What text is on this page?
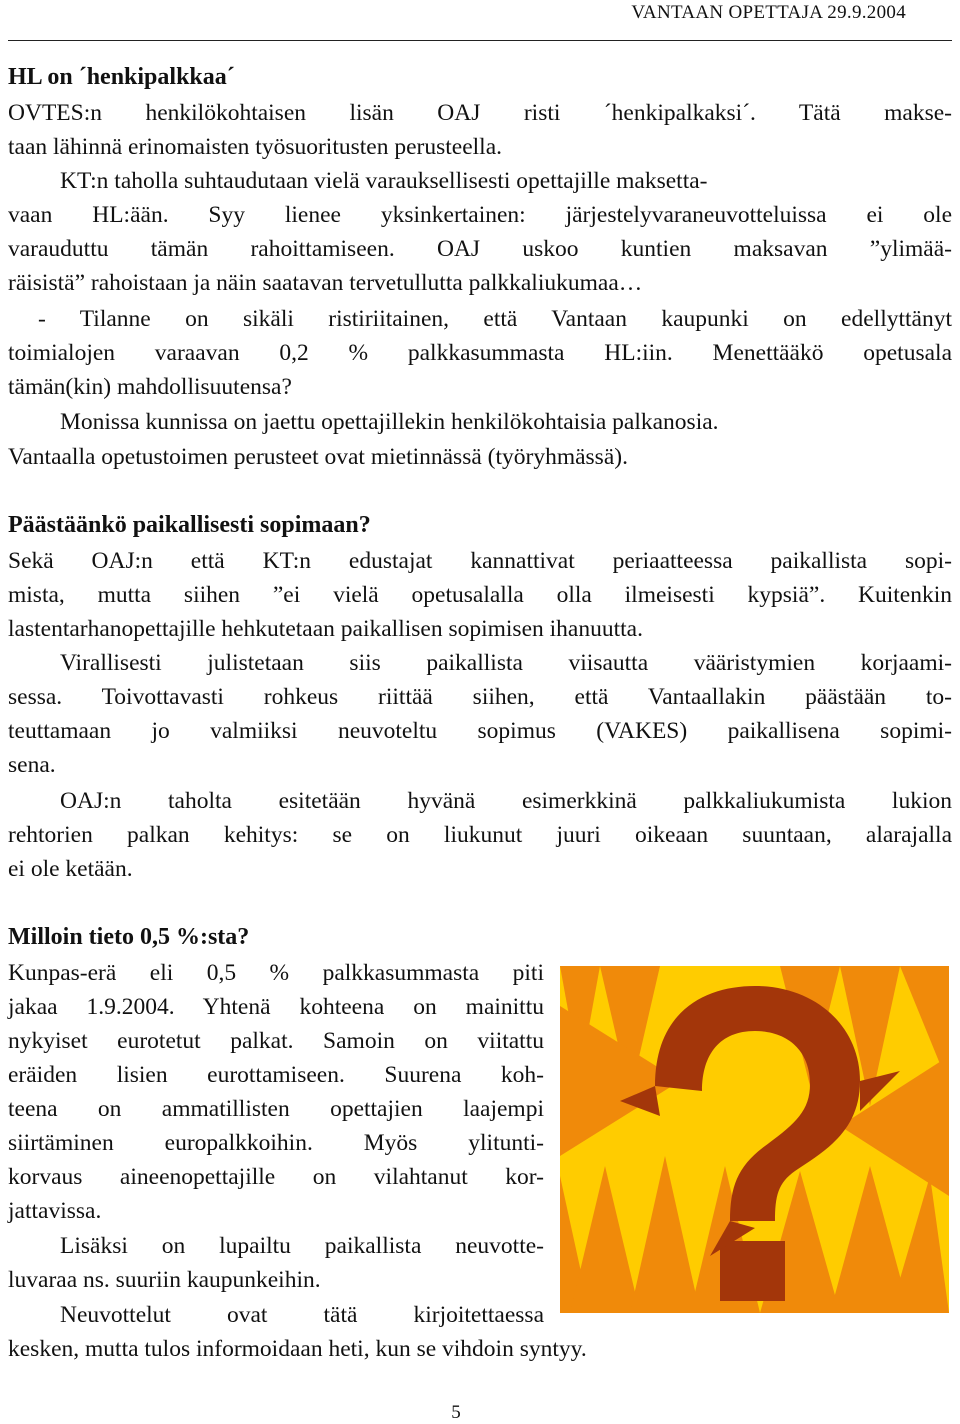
VANTAAN OPETTAJA 29.9.2004
HL on ´henkipalkkaa´
OVTES:n henkilökohtaisen lisän OAJ risti ´henkipalkaksi´. Tätä makse-
taan lähinnä erinomaisten työsuoritusten perusteella.
KT:n taholla suhtaudutaan vielä varauksellisesti opettajille maksetta-
vaan HL:ään. Syy lienee yksinkertainen: järjestelyvaraneuvotteluissa ei ole
varauduttu tämän rahoittamiseen. OAJ uskoo kuntien maksavan ”ylimää-
räisistä” rahoistaan ja näin saatavan tervetullutta palkkaliukumaa…
- Tilanne on sikäli ristiriitainen, että Vantaan kaupunki on edellyttänyt
toimialojen varaavan 0,2 % palkkasummasta HL:iin. Menettääkö opetusala
tämän(kin) mahdollisuutensa?
Monissa kunnissa on jaettu opettajillekin henkilökohtaisia palkanosia.
Vantaalla opetustoimen perusteet ovat mietinnässä (työryhmässä).
Päästäänkö paikallisesti sopimaan?
Sekä OAJ:n että KT:n edustajat kannattivat periaatteessa paikallista sopi-
mista, mutta siihen ”ei vielä opetusalalla olla ilmeisesti kypsiä”. Kuitenkin
lastentarhanopettajille hehkutetaan paikallisen sopimisen ihanuutta.
Virallisesti julistetaan siis paikallista viisautta vääristymien korjaami-
sessa. Toivottavasti rohkeus riittää siihen, että Vantaallakin päästään to-
teuttamaan jo valmiiksi neuvoteltu sopimus (VAKES) paikallisena sopimi-
sena.
OAJ:n taholta esitetään hyvänä esimerkkinä palkkaliukumista lukion
rehtorien palkan kehitys: se on liukunut juuri oikeaan suuntaan, alarajalla
ei ole ketään.
Milloin tieto 0,5 %:sta?
Kunpas-erä eli 0,5 % palkkasummasta piti
jakaa 1.9.2004. Yhtenä kohteena on mainittu
nykyiset eurotetut palkat. Samoin on viitattu
eräiden lisien eurottamiseen. Suurena koh-
teena on ammatillisten opettajien laajempi
siirtäminen europalkkoihin. Myös ylitunti-
korvaus aineenopettajille on vilahtanut kor-
jattavissa.
Lisäksi on lupailtu paikallista neuvotte-
luvaraa ns. suuriin kaupunkeihin.
Neuvottelut ovat tätä kirjoitettaessa
kesken, mutta tulos informoidaan heti, kun se vihdoin syntyy.
5
